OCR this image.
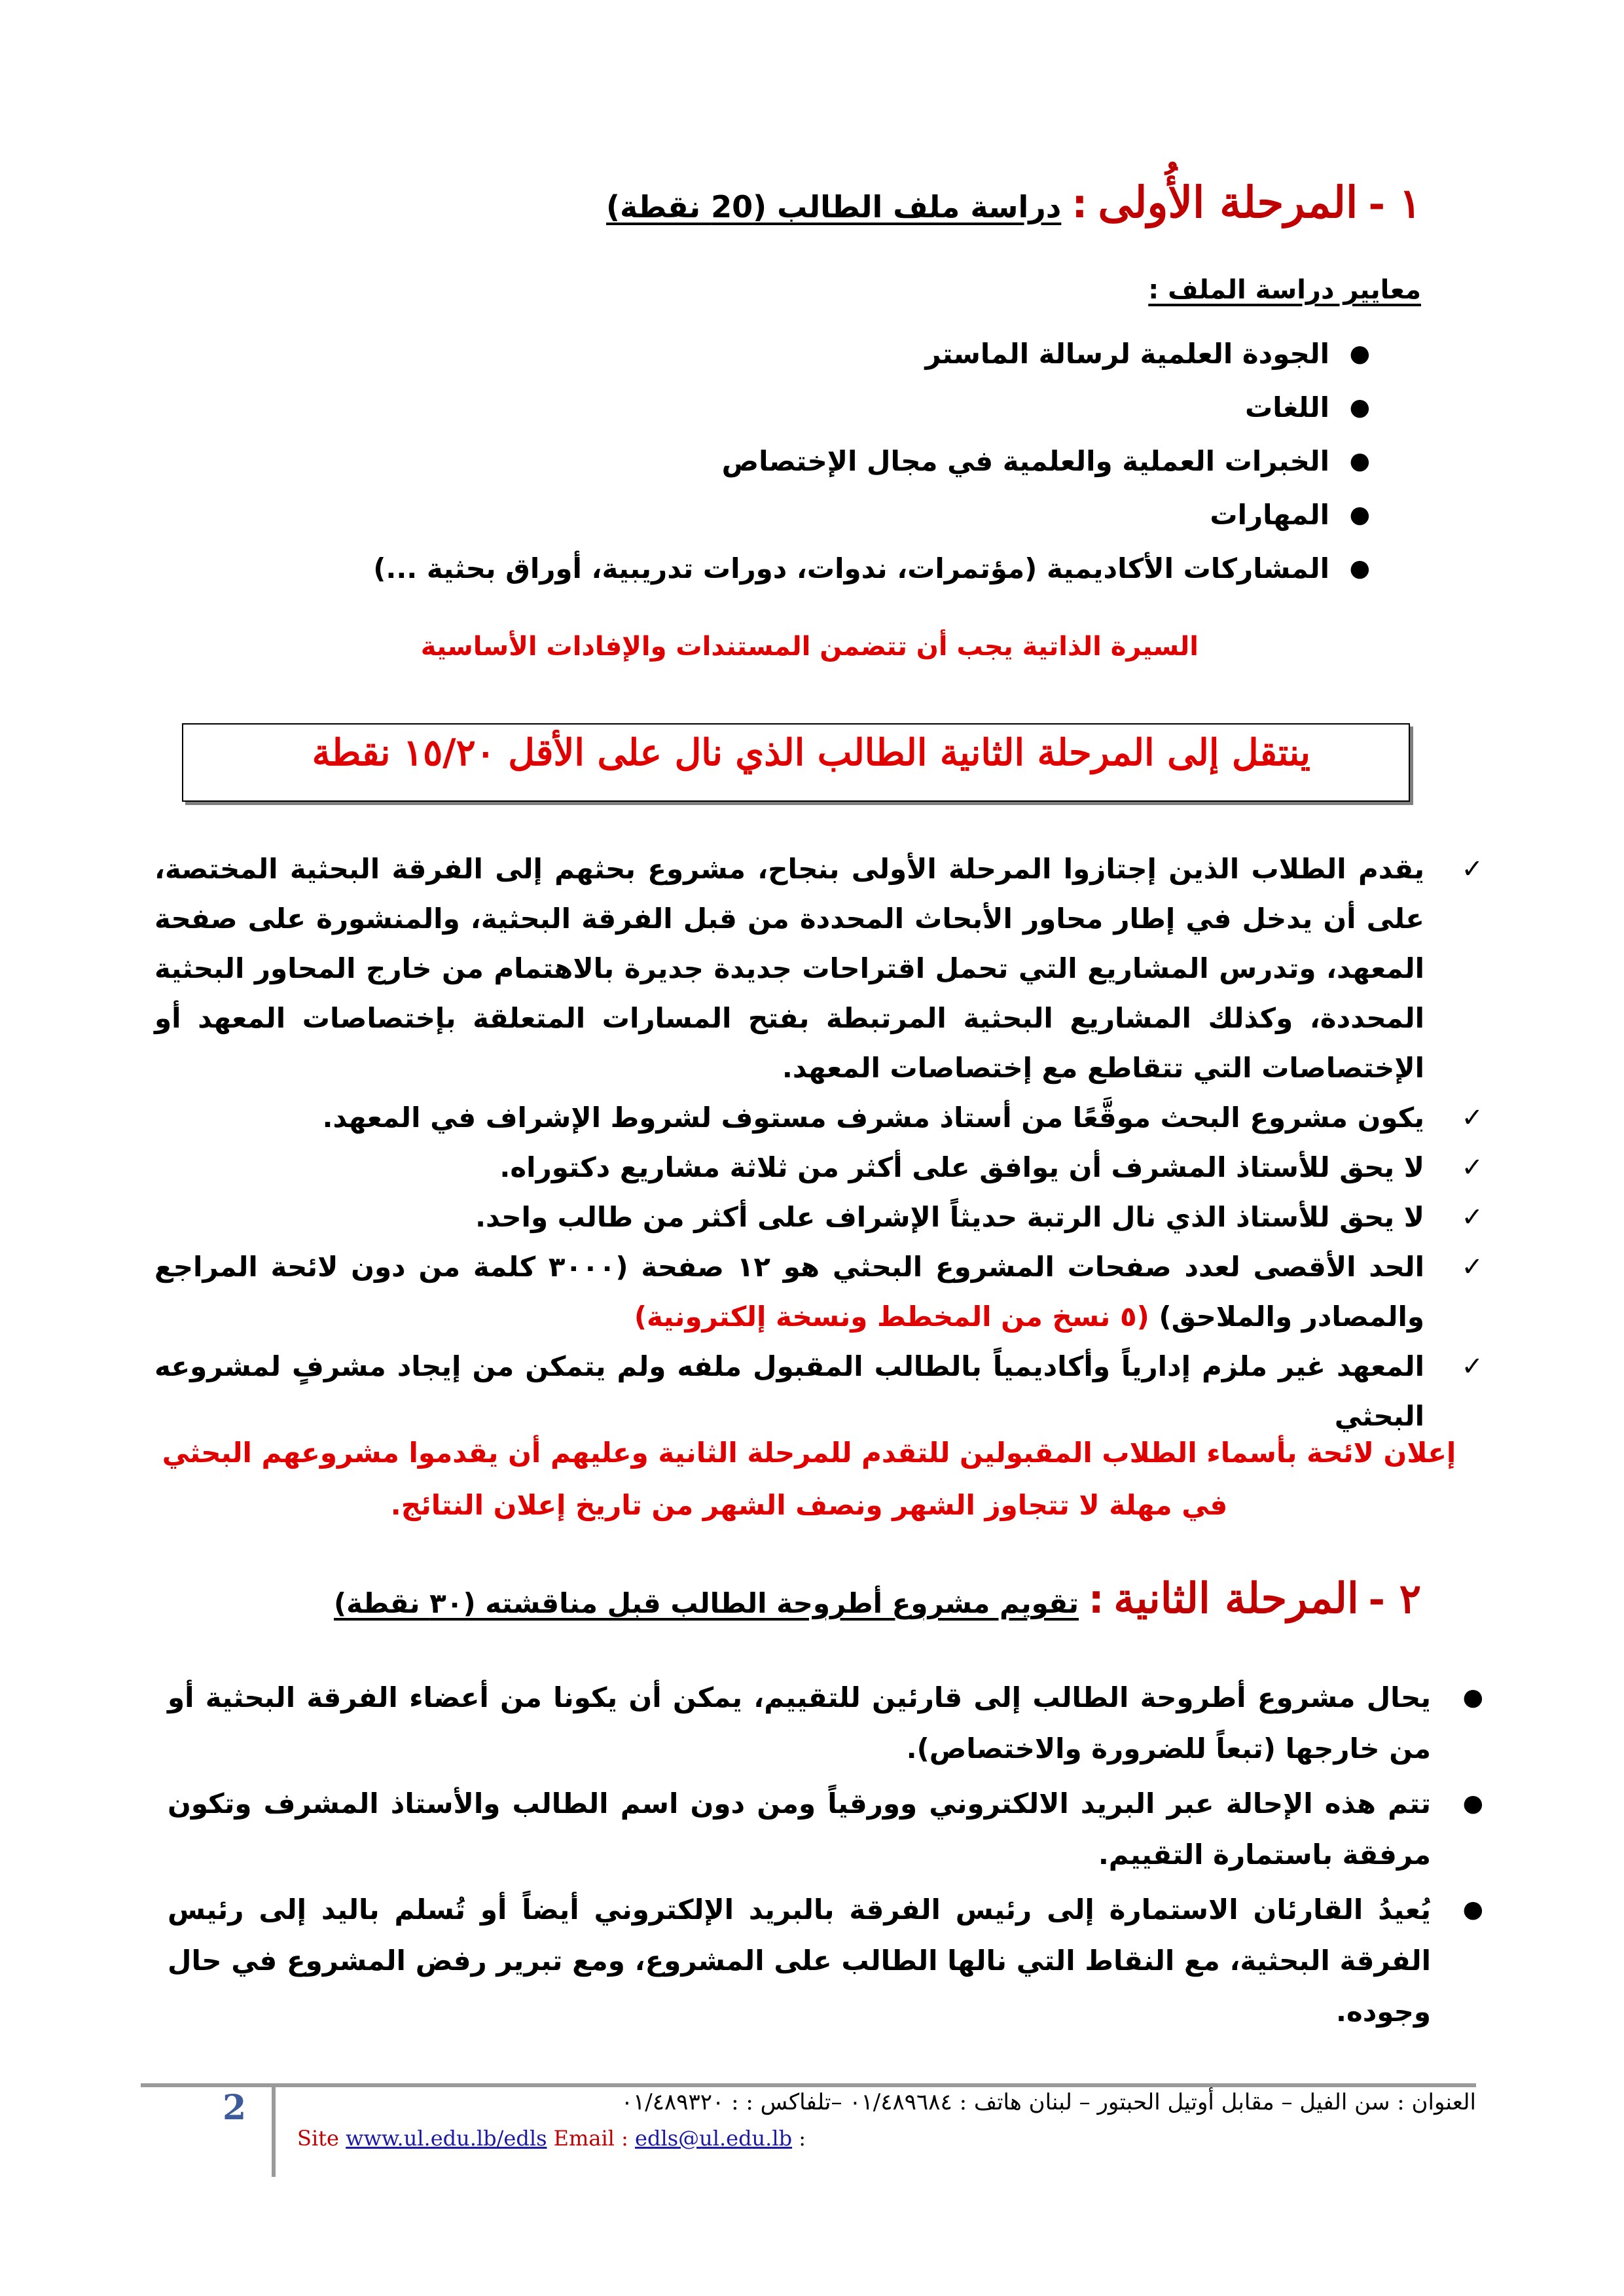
١ - المرحلة الأُولى : دراسة ملف الطالب (20 نقطة)
معايير دراسة الملف :
●
الجودة العلمية لرسالة الماستر
●
اللغات
●
الخبرات العملية والعلمية في مجال الإختصاص
●
المهارات
●
المشاركات الأكاديمية (مؤتمرات، ندوات، دورات تدريبية، أوراق بحثية ...)
السيرة الذاتية يجب أن تتضمن المستندات والإفادات الأساسية
ينتقل إلى المرحلة الثانية الطالب الذي نال على الأقل ١٥/٢٠ نقطة
✓
يقدم الطلاب الذين إجتازوا المرحلة الأولى بنجاح، مشروع بحثهم إلى الفرقة البحثية المختصة، على أن يدخل في إطار محاور الأبحاث المحددة من قبل الفرقة البحثية، والمنشورة على صفحة المعهد، وتدرس المشاريع التي تحمل اقتراحات جديدة جديرة بالاهتمام من خارج المحاور البحثية المحددة، وكذلك المشاريع البحثية المرتبطة بفتح المسارات المتعلقة بإختصاصات المعهد أو الإختصاصات التي تتقاطع مع إختصاصات المعهد.
✓
يكون مشروع البحث موقَّعًا من أستاذ مشرف مستوف لشروط الإشراف في المعهد.
✓
لا يحق للأستاذ المشرف أن يوافق على أكثر من ثلاثة مشاريع دكتوراه.
✓
لا يحق للأستاذ الذي نال الرتبة حديثاً الإشراف على أكثر من طالب واحد.
✓
الحد الأقصى لعدد صفحات المشروع البحثي هو ١٢ صفحة (٣٠٠٠ كلمة من دون لائحة المراجع والمصادر والملاحق) (٥ نسخ من المخطط ونسخة إلكترونية)
✓
المعهد غير ملزم إدارياً وأكاديمياً بالطالب المقبول ملفه ولم يتمكن من إيجاد مشرفٍ لمشروعه البحثي
إعلان لائحة بأسماء الطلاب المقبولين للتقدم للمرحلة الثانية وعليهم أن يقدموا مشروعهم البحثي في مهلة لا تتجاوز الشهر ونصف الشهر من تاريخ إعلان النتائج.
٢ - المرحلة الثانية : تقويم مشروع أطروحة الطالب قبل مناقشته (٣٠ نقطة)
●
يحال مشروع أطروحة الطالب إلى قارئين للتقييم، يمكن أن يكونا من أعضاء الفرقة البحثية أو من خارجها (تبعاً للضرورة والاختصاص).
●
تتم هذه الإحالة عبر البريد الالكتروني وورقياً ومن دون اسم الطالب والأستاذ المشرف وتكون مرفقة باستمارة التقييم.
●
يُعيدُ القارئان الاستمارة إلى رئيس الفرقة بالبريد الإلكتروني أيضاً أو تُسلم باليد إلى رئيس الفرقة البحثية، مع النقاط التي نالها الطالب على المشروع، ومع تبرير رفض المشروع في حال وجوده.
2	العنوان : سن الفيل – مقابل أوتيل الحبتور – لبنان هاتف : ٠١/٤٨٩٦٨٤ –تلفاكس : : ٠١/٤٨٩٣٢٠
Site www.ul.edu.lb/edls Email : edls@ul.edu.lb :
